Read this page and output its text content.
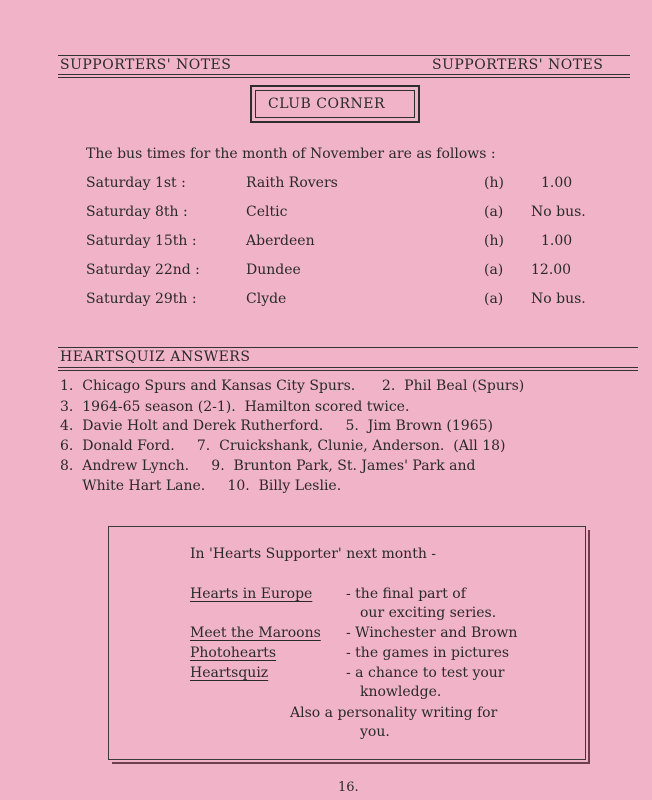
SUPPORTERS' NOTES	SUPPORTERS' NOTES
CLUB CORNER
The bus times for the month of November are as follows :
Saturday 1st :	Raith Rovers	(h)	1.00
Saturday 8th :	Celtic	(a) No bus.
Saturday 15th :	Aberdeen	(h)	1.00
Saturday 22nd :	Dundee	(a) 12.00
Saturday 29th :	Clyde	(a) No bus.
HEARTSQUIZ ANSWERS
1.  Chicago Spurs and Kansas City Spurs.      2.  Phil Beal (Spurs)
3.  1964-65 season (2-1).  Hamilton scored twice.
4.  Davie Holt and Derek Rutherford.     5.  Jim Brown (1965)
6.  Donald Ford.     7.  Cruickshank, Clunie, Anderson.  (All 18)
8.  Andrew Lynch.     9.  Brunton Park, St. James' Park and
White Hart Lane.     10.  Billy Leslie.
In 'Hearts Supporter' next month -
Hearts in Europe - the final part of
our exciting series.
Meet the Maroons - Winchester and Brown
Photohearts	- the games in pictures
Heartsquiz	- a chance to test your
knowledge.
Also a personality writing for
you.
16.
